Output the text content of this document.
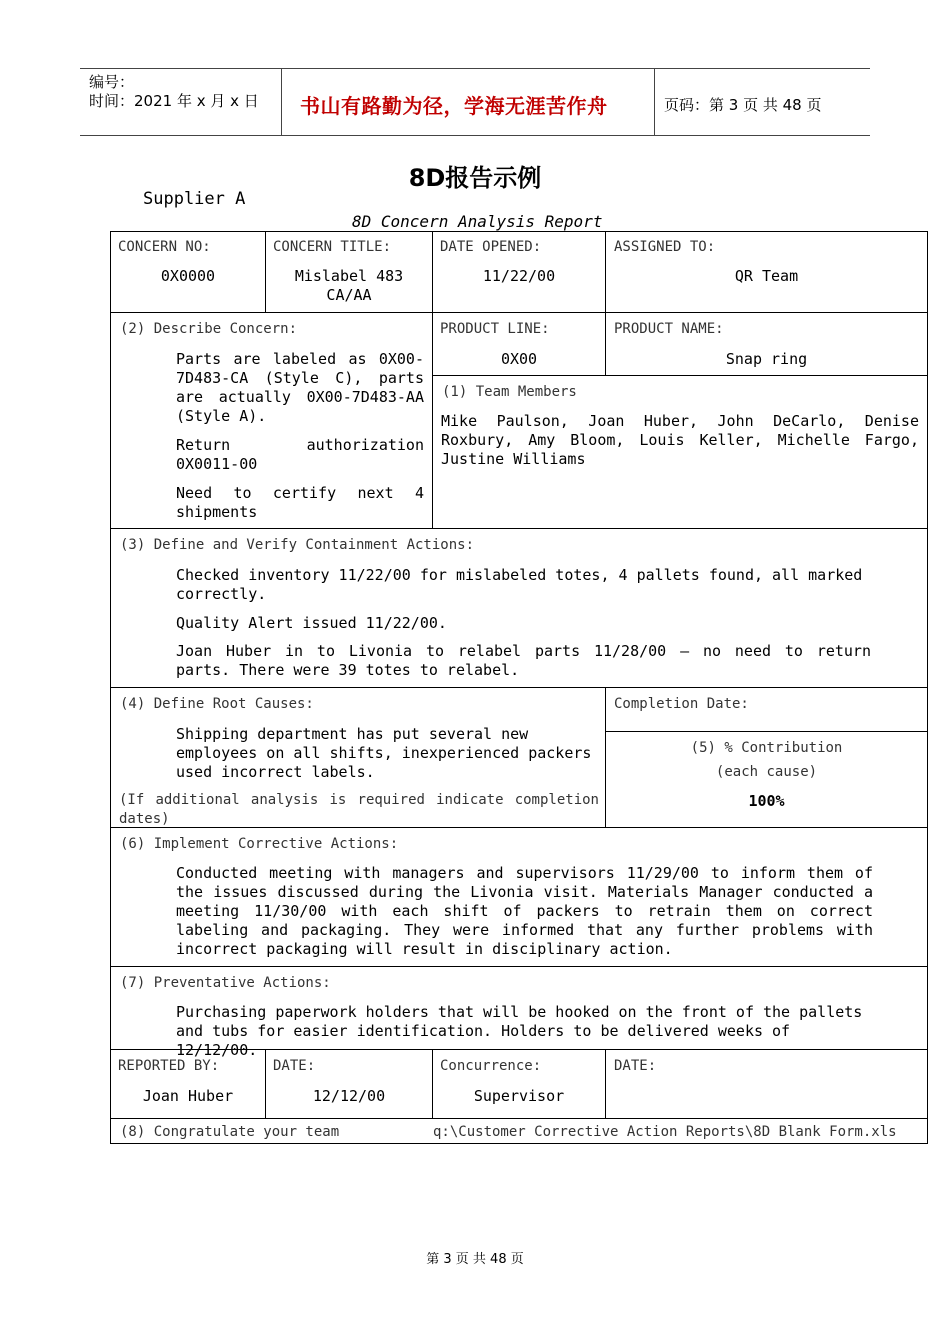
编号：
时间：2021 年 x 月 x 日 书山有路勤为径，学海无涯苦作舟	页码：第 3 页 共 48 页
8D报告示例
Supplier A
8D Concern Analysis Report
CONCERN NO:
0X0000
CONCERN TITLE:
Mislabel 483
CA/AA
DATE OPENED:
11/22/00
ASSIGNED TO:
QR Team
(2) Describe Concern:
Parts are labeled as 0X00-7D483-CA (Style C), parts are actually 0X00-7D483-AA (Style A).
Return authorization 0X0011-00
Need to certify next 4 shipments
PRODUCT LINE:
0X00
PRODUCT NAME:
Snap ring
(1) Team Members
Mike Paulson, Joan Huber, John DeCarlo, Denise Roxbury, Amy Bloom, Louis Keller, Michelle Fargo, Justine Williams
(3) Define and Verify Containment Actions:
Checked inventory 11/22/00 for mislabeled totes, 4 pallets found, all marked correctly.
Quality Alert issued 11/22/00.
Joan Huber in to Livonia to relabel parts 11/28/00 – no need to return parts. There were 39 totes to relabel.
(4) Define Root Causes:
Shipping department has put several new employees on all shifts, inexperienced packers used incorrect labels.
(If additional analysis is required indicate completion dates)
Completion Date:
(5) % Contribution
(each cause)
100%
(6) Implement Corrective Actions:
Conducted meeting with managers and supervisors 11/29/00 to inform them of the issues discussed during the Livonia visit. Materials Manager conducted a meeting 11/30/00 with each shift of packers to retrain them on correct labeling and packaging. They were informed that any further problems with incorrect packaging will result in disciplinary action.
(7) Preventative Actions:
Purchasing paperwork holders that will be hooked on the front of the pallets and tubs for easier identification. Holders to be delivered weeks of 12/12/00.
REPORTED BY:
Joan Huber
DATE:
12/12/00
Concurrence:
Supervisor
DATE:
(8) Congratulate your team	q:\Customer Corrective Action Reports\8D Blank Form.xls
第 3 页 共 48 页
